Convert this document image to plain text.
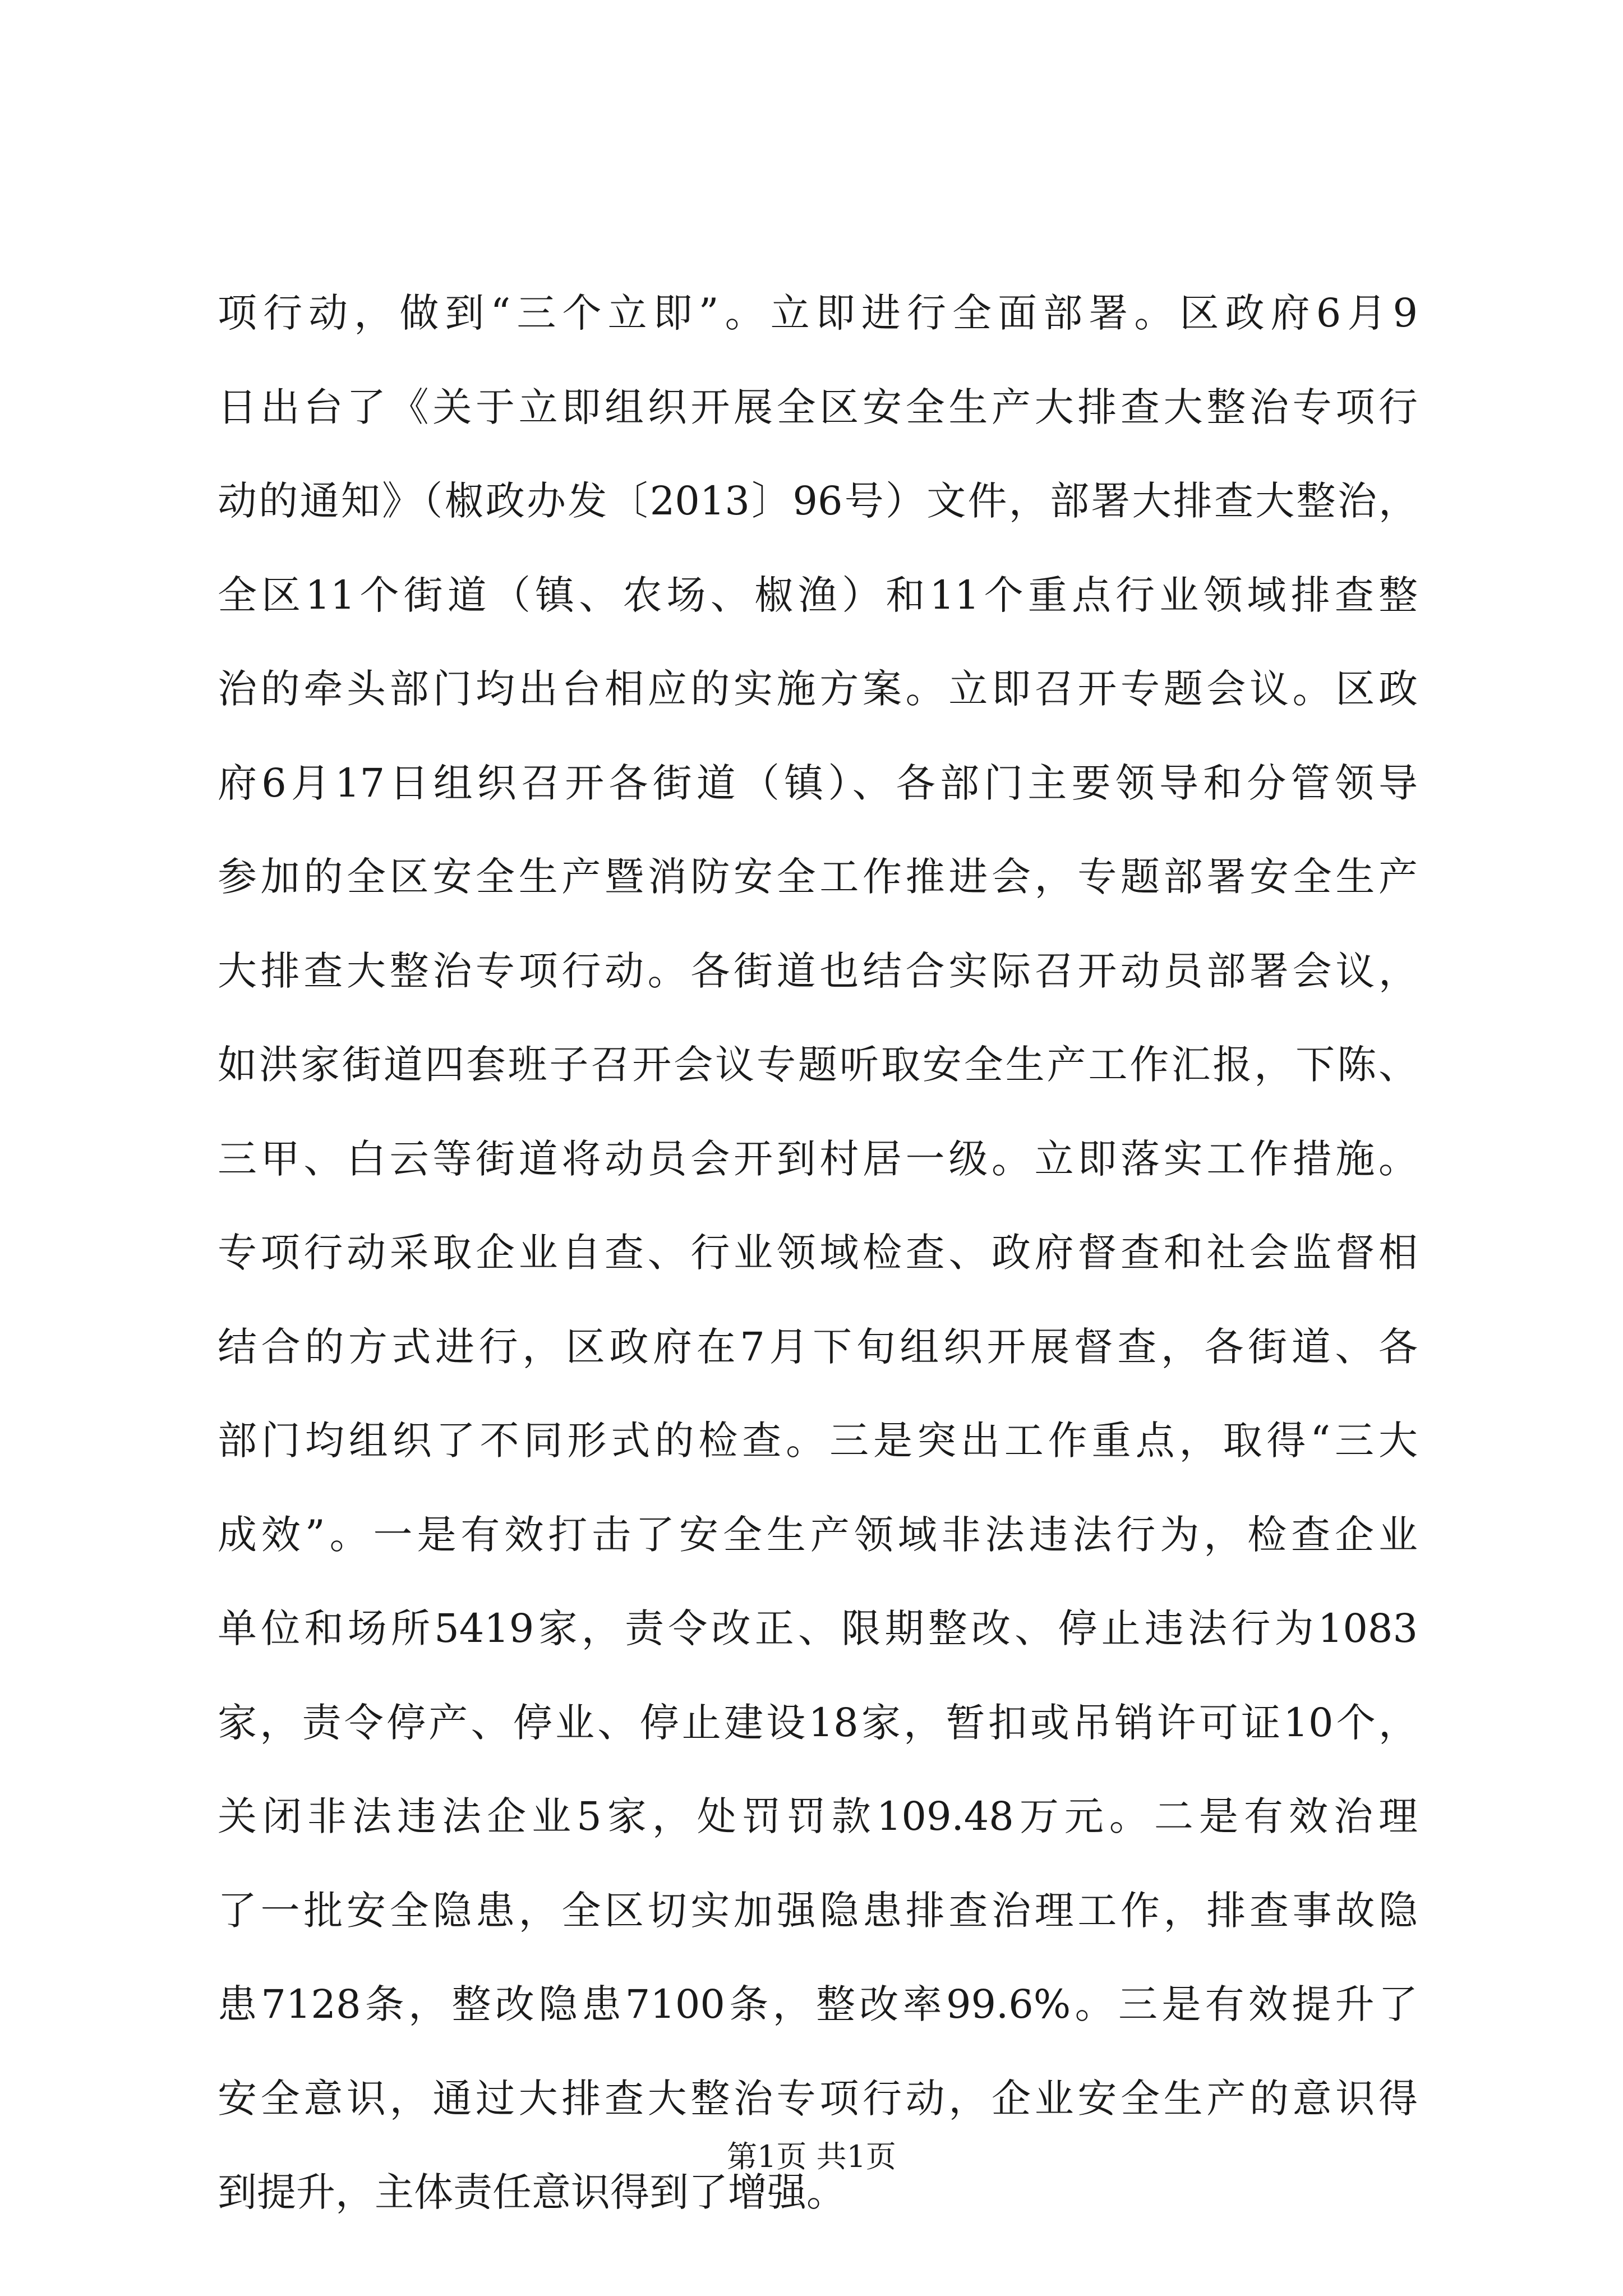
项行动，做到“三个立即”。立即进行全面部署。区政府6月9
日出台了《关于立即组织开展全区安全生产大排查大整治专项行
动的通知》（椒政办发〔2013〕96号）文件，部署大排查大整治，
全区11个街道（镇、农场、椒渔）和11个重点行业领域排查整
治的牵头部门均出台相应的实施方案。立即召开专题会议。区政
府6月17日组织召开各街道（镇）、各部门主要领导和分管领导
参加的全区安全生产暨消防安全工作推进会，专题部署安全生产
大排查大整治专项行动。各街道也结合实际召开动员部署会议，
如洪家街道四套班子召开会议专题听取安全生产工作汇报，下陈、
三甲、白云等街道将动员会开到村居一级。立即落实工作措施。
专项行动采取企业自查、行业领域检查、政府督查和社会监督相
结合的方式进行，区政府在7月下旬组织开展督查，各街道、各
部门均组织了不同形式的检查。三是突出工作重点，取得“三大
成效”。一是有效打击了安全生产领域非法违法行为，检查企业
单位和场所5419家，责令改正、限期整改、停止违法行为1083
家，责令停产、停业、停止建设18家，暂扣或吊销许可证10个，
关闭非法违法企业5家，处罚罚款109.48万元。二是有效治理
了一批安全隐患，全区切实加强隐患排查治理工作，排查事故隐
患7128条，整改隐患7100条，整改率99.6%。三是有效提升了
安全意识，通过大排查大整治专项行动，企业安全生产的意识得
到提升，主体责任意识得到了增强。
第1页 共1页
